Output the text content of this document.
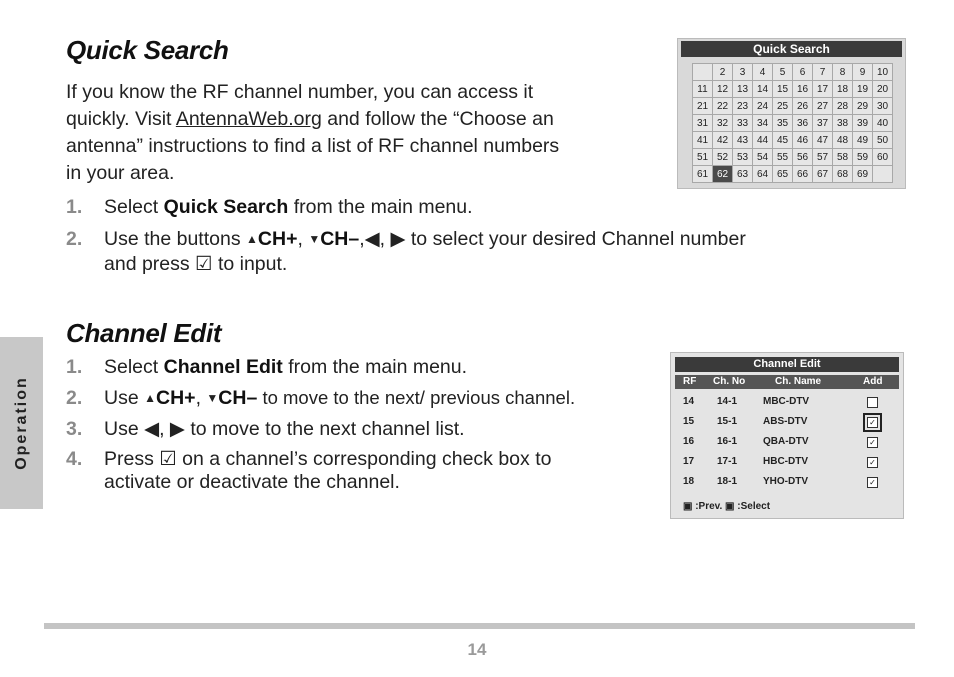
Quick Search
If you know the RF channel number, you can access it
quickly. Visit AntennaWeb.org and follow the “Choose an
antenna” instructions to find a list of RF channel numbers
in your area.
1. Select Quick Search from the main menu.
2. Use the buttons ▲CH+, ▼CH–,◀, ▶ to select your desired Channel number
and press ☑ to input.
Quick Search
	2	3	4	5	6	7	8	9	10
11	12	13	14	15	16	17	18	19	20
21	22	23	24	25	26	27	28	29	30
31	32	33	34	35	36	37	38	39	40
41	42	43	44	45	46	47	48	49	50
51	52	53	54	55	56	57	58	59	60
61	62	63	64	65	66	67	68	69	
Channel Edit
1. Select Channel Edit from the main menu.
2. Use ▲CH+, ▼CH– to move to the next/ previous channel.
3. Use ◀, ▶ to move to the next channel list.
4. Press ☑ on a channel’s corresponding check box to
activate or deactivate the channel.
Channel Edit
RF Ch. No	Ch. Name	Add
14 14-1	MBC-DTV
15 15-1	ABS-DTV	✓
16 16-1	QBA-DTV	✓
17 17-1	HBC-DTV	✓
18 18-1	YHO-DTV	✓
▣ :Prev. ▣ :Select
Operation
14
